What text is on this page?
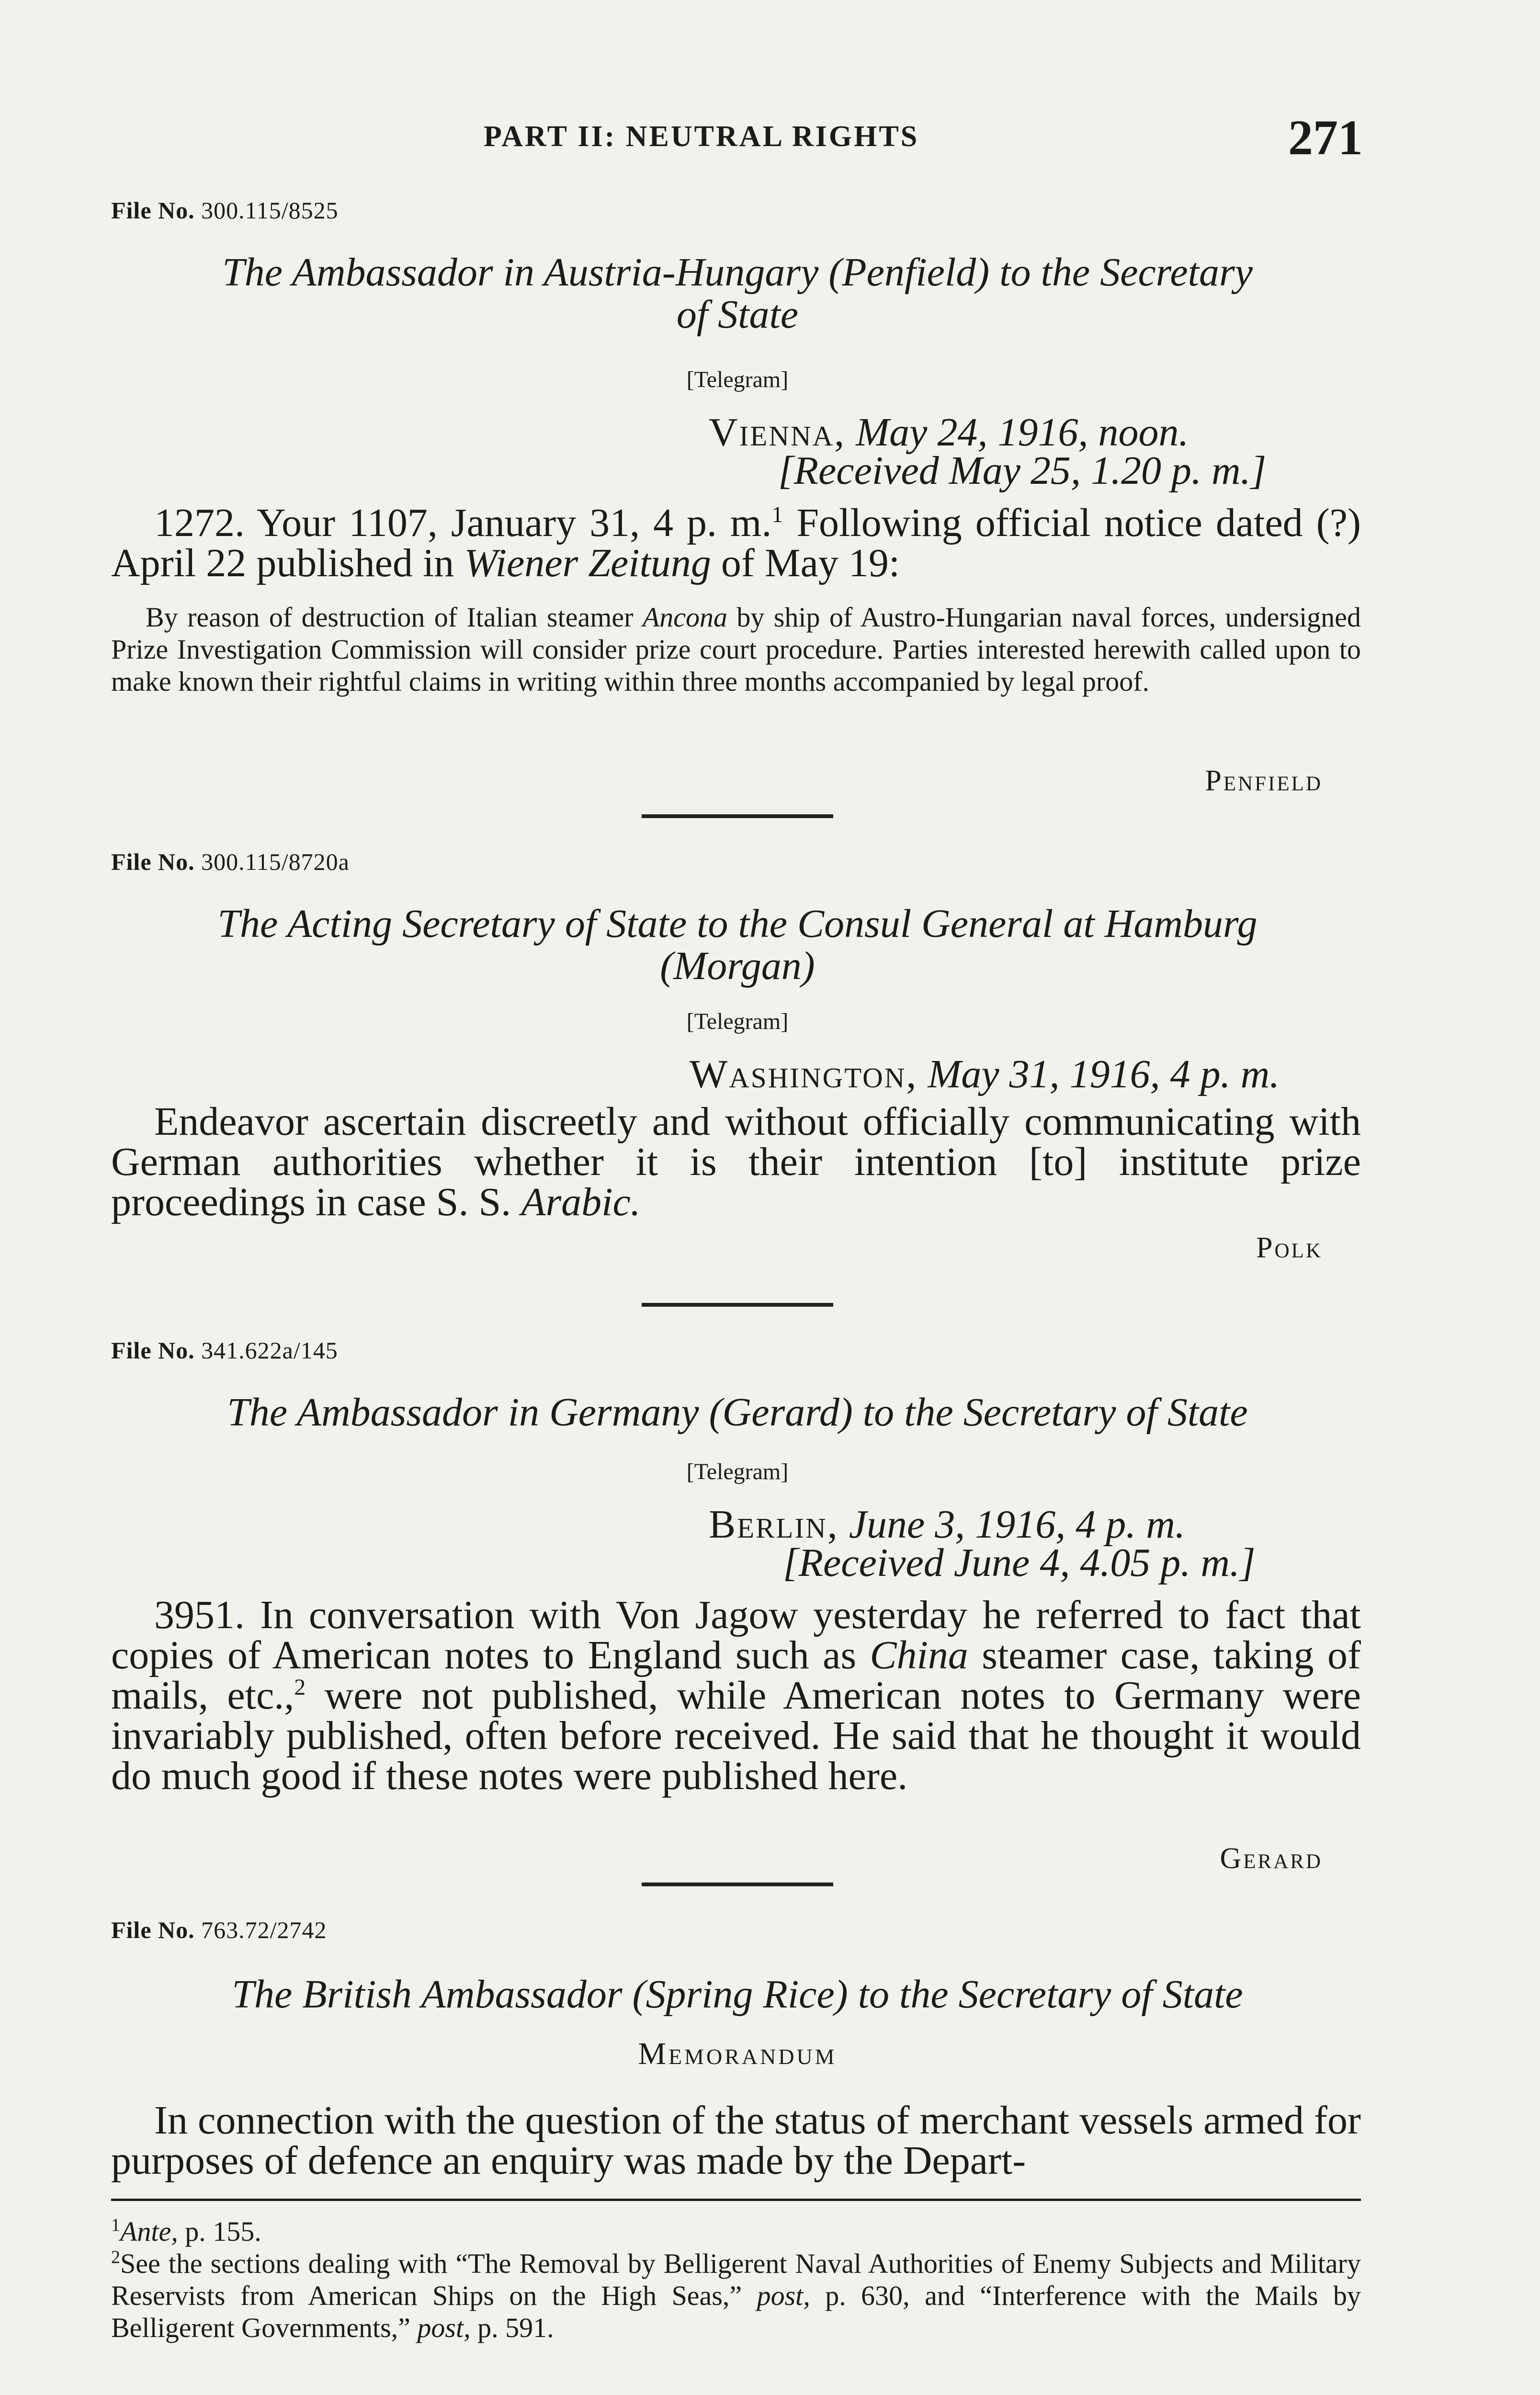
PART II: NEUTRAL RIGHTS	271
File No. 300.115/8525
The Ambassador in Austria-Hungary (Penfield) to the Secretary
of State
[Telegram]
Vienna, May 24, 1916, noon.
[Received May 25, 1.20 p. m.]
1272. Your 1107, January 31, 4 p. m.$^1$ Following official notice dated (?) April 22 published in Wiener Zeitung of May 19:
By reason of destruction of Italian steamer Ancona by ship of Austro-Hungarian naval forces, undersigned Prize Investigation Commission will consider prize court procedure. Parties interested herewith called upon to make known their rightful claims in writing within three months accompanied by legal proof.
Penfield
File No. 300.115/8720a
The Acting Secretary of State to the Consul General at Hamburg
(Morgan)
[Telegram]
Washington, May 31, 1916, 4 p. m.
Endeavor ascertain discreetly and without officially communicating with German authorities whether it is their intention [to] institute prize proceedings in case S. S. Arabic.
Polk
File No. 341.622a/145
The Ambassador in Germany (Gerard) to the Secretary of State
[Telegram]
Berlin, June 3, 1916, 4 p. m.
[Received June 4, 4.05 p. m.]
3951. In conversation with Von Jagow yesterday he referred to fact that copies of American notes to England such as China steamer case, taking of mails, etc.,$^2$ were not published, while American notes to Germany were invariably published, often before received. He said that he thought it would do much good if these notes were published here.
Gerard
File No. 763.72/2742
The British Ambassador (Spring Rice) to the Secretary of State
Memorandum
In connection with the question of the status of merchant vessels armed for purposes of defence an enquiry was made by the Depart-
$^1$Ante, p. 155.
$^2$See the sections dealing with “The Removal by Belligerent Naval Authorities of Enemy Subjects and Military Reservists from American Ships on the High Seas,” post, p. 630, and “Interference with the Mails by Belligerent Governments,” post, p. 591.
